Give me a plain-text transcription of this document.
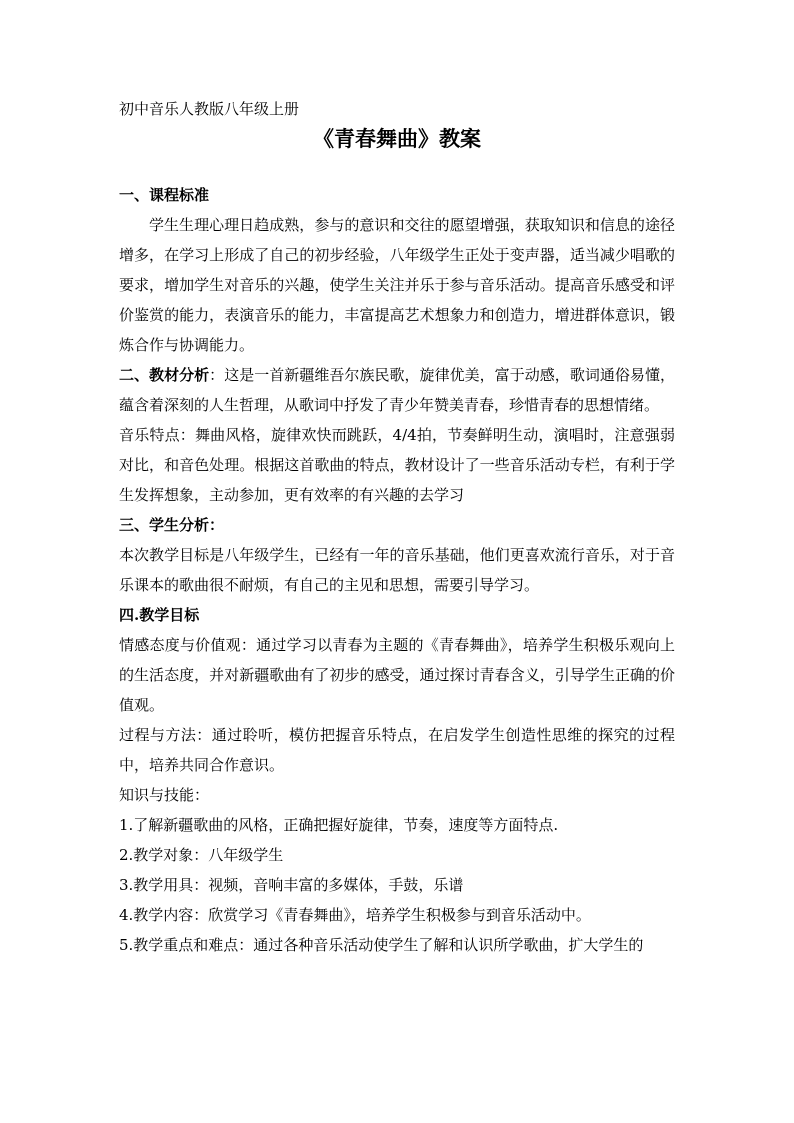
初中音乐人教版八年级上册
《青春舞曲》教案

一、课程标准

学生生理心理日趋成熟，参与的意识和交往的愿望增强，获取知识和信息的途径增多，在学习上形成了自己的初步经验，八年级学生正处于变声器，适当减少唱歌的要求，增加学生对音乐的兴趣，使学生关注并乐于参与音乐活动。提高音乐感受和评价鉴赏的能力，表演音乐的能力，丰富提高艺术想象力和创造力，增进群体意识，锻炼合作与协调能力。

二、教材分析：这是一首新疆维吾尔族民歌，旋律优美，富于动感，歌词通俗易懂，蕴含着深刻的人生哲理，从歌词中抒发了青少年赞美青春，珍惜青春的思想情绪。

音乐特点：舞曲风格，旋律欢快而跳跃，4/4拍，节奏鲜明生动，演唱时，注意强弱对比，和音色处理。根据这首歌曲的特点，教材设计了一些音乐活动专栏，有利于学生发挥想象，主动参加，更有效率的有兴趣的去学习

三、学生分析：

本次教学目标是八年级学生，已经有一年的音乐基础，他们更喜欢流行音乐，对于音乐课本的歌曲很不耐烦，有自己的主见和思想，需要引导学习。

四.教学目标

情感态度与价值观：通过学习以青春为主题的《青春舞曲》，培养学生积极乐观向上的生活态度，并对新疆歌曲有了初步的感受，通过探讨青春含义，引导学生正确的价值观。

过程与方法：通过聆听，模仿把握音乐特点，在启发学生创造性思维的探究的过程中，培养共同合作意识。

知识与技能：

1.了解新疆歌曲的风格，正确把握好旋律，节奏，速度等方面特点.

2.教学对象：八年级学生

3.教学用具：视频，音响丰富的多媒体，手鼓，乐谱

4.教学内容：欣赏学习《青春舞曲》，培养学生积极参与到音乐活动中。

5.教学重点和难点：通过各种音乐活动使学生了解和认识所学歌曲，扩大学生的
